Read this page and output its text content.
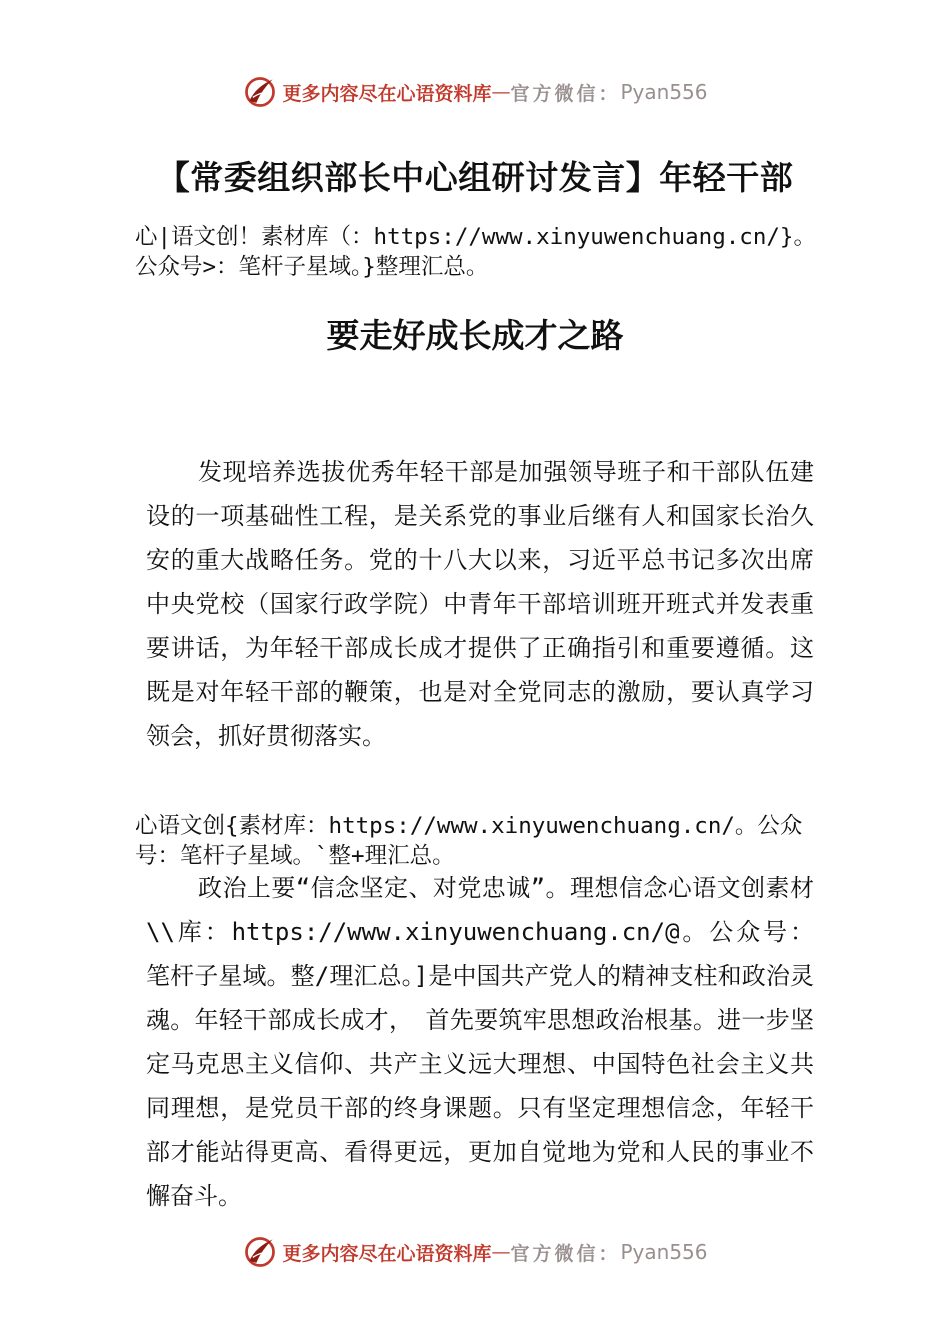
更多内容尽在心语资料库 — 官方微信： Pyan556
【常委组织部长中心组研讨发言】年轻干部
心|语文创！素材库（：https://www.xinyuwenchuang.cn/}。公众号>：笔杆子星域。}整理汇总。
要走好成长成才之路

发现培养选拔优秀年轻干部是加强领导班子和干部队伍建设的一项基础性工程，是关系党的事业后继有人和国家长治久安的重大战略任务。党的十八大以来，习近平总书记多次出席中央党校（国家行政学院）中青年干部培训班开班式并发表重要讲话，为年轻干部成长成才提供了正确指引和重要遵循。这既是对年轻干部的鞭策，也是对全党同志的激励，要认真学习领会，抓好贯彻落实。

心语文创{素材库：https://www.xinyuwenchuang.cn/。公众号：笔杆子星域。`整+理汇总。

政治上要“信念坚定、对党忠诚”。理想信念心语文创素材\\库：https://www.xinyuwenchuang.cn/@。公众号：笔杆子星域。整/理汇总。]是中国共产党人的精神支柱和政治灵魂。年轻干部成长成才，　首先要筑牢思想政治根基。进一步坚定马克思主义信仰、共产主义远大理想、中国特色社会主义共同理想，是党员干部的终身课题。只有坚定理想信念，年轻干部才能站得更高、看得更远，更加自觉地为党和人民的事业不懈奋斗。

更多内容尽在心语资料库 — 官方微信： Pyan556
